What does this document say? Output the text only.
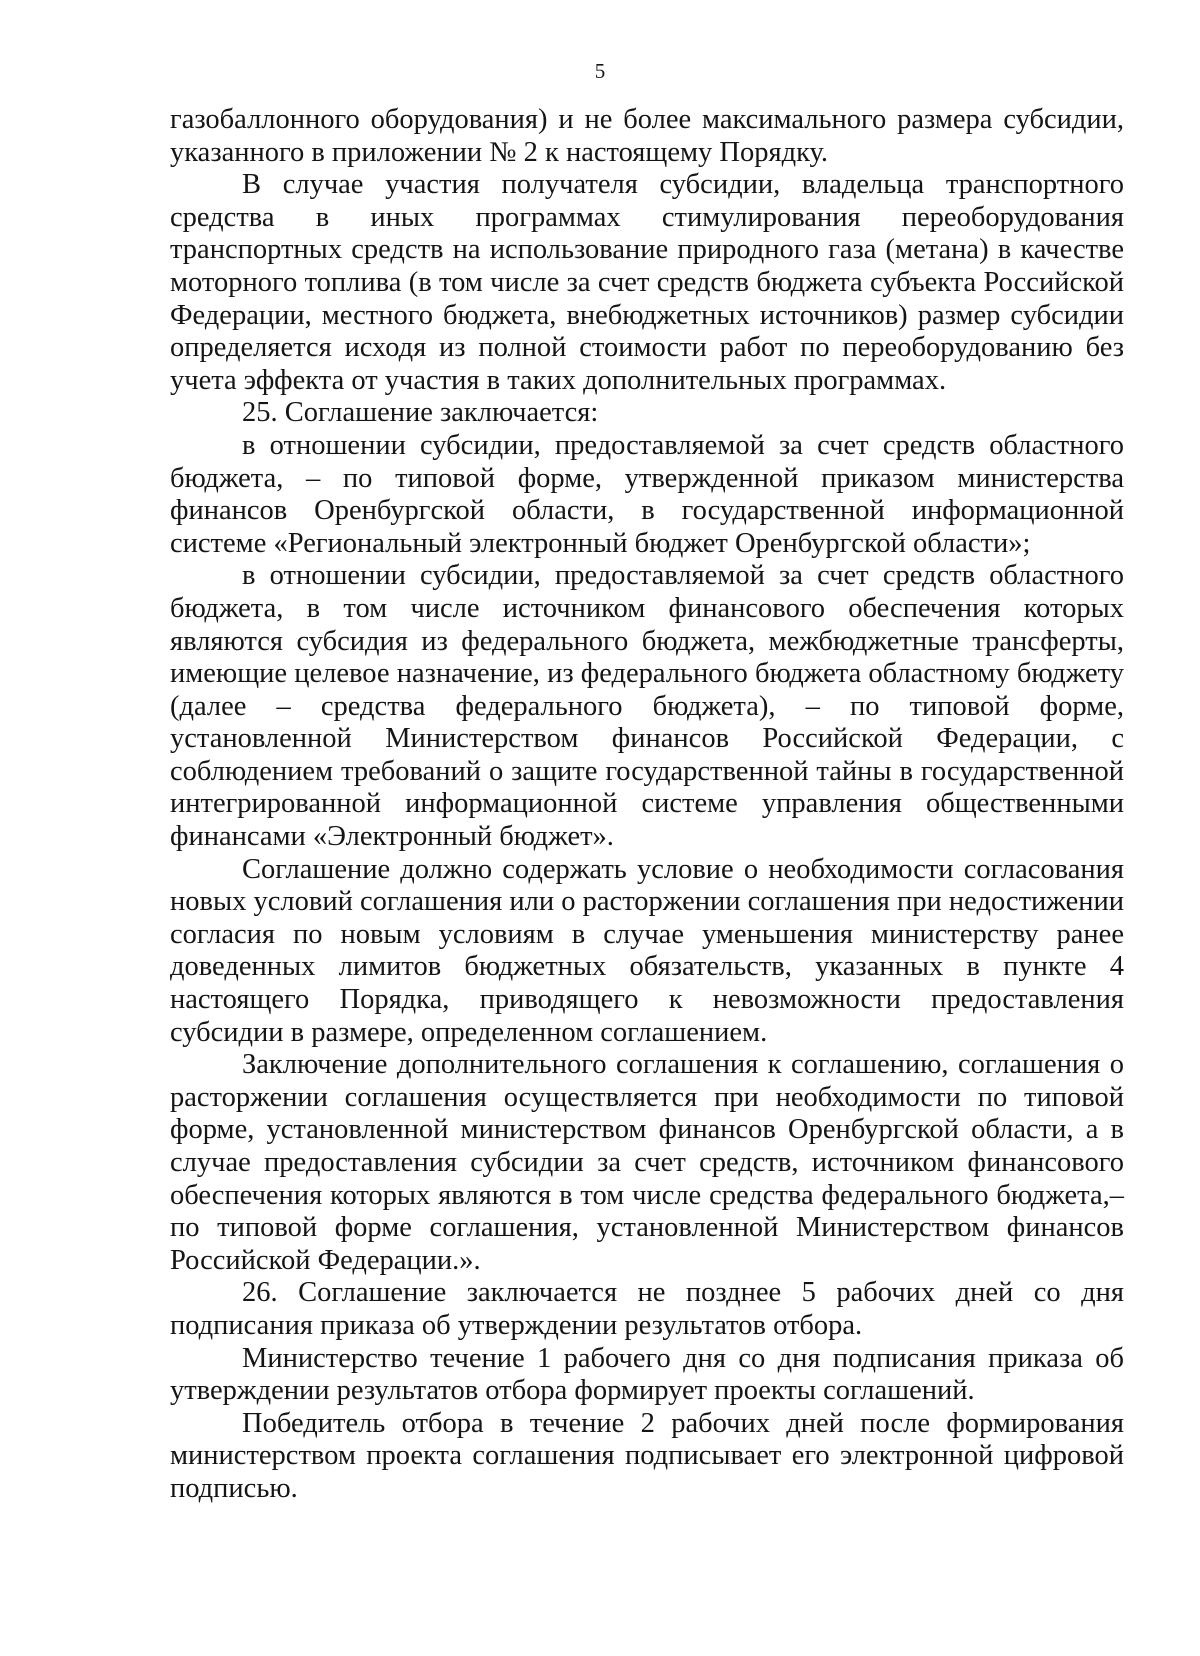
5

газобаллонного оборудования) и не более максимального размера субсидии, указанного в приложении № 2 к настоящему Порядку.

В случае участия получателя субсидии, владельца транспортного средства в иных программах стимулирования переоборудования транспортных средств на использование природного газа (метана) в качестве моторного топлива (в том числе за счет средств бюджета субъекта Российской Федерации, местного бюджета, внебюджетных источников) размер субсидии определяется исходя из полной стоимости работ по переоборудованию без учета эффекта от участия в таких дополнительных программах.

25. Соглашение заключается:

в отношении субсидии, предоставляемой за счет средств областного бюджета, – по типовой форме, утвержденной приказом министерства финансов Оренбургской области, в государственной информационной системе «Региональный электронный бюджет Оренбургской области»;

в отношении субсидии, предоставляемой за счет средств областного бюджета, в том числе источником финансового обеспечения которых являются субсидия из федерального бюджета, межбюджетные трансферты, имеющие целевое назначение, из федерального бюджета областному бюджету (далее – средства федерального бюджета), – по типовой форме, установленной Министерством финансов Российской Федерации, с соблюдением требований о защите государственной тайны в государственной интегрированной информационной системе управления общественными финансами «Электронный бюджет».

Соглашение должно содержать условие о необходимости согласования новых условий соглашения или о расторжении соглашения при недостижении согласия по новым условиям в случае уменьшения министерству ранее доведенных лимитов бюджетных обязательств, указанных в пункте 4 настоящего Порядка, приводящего к невозможности предоставления субсидии в размере, определенном соглашением.

Заключение дополнительного соглашения к соглашению, соглашения о расторжении соглашения осуществляется при необходимости по типовой форме, установленной министерством финансов Оренбургской области, а в случае предоставления субсидии за счет средств, источником финансового обеспечения которых являются в том числе средства федерального бюджета,– по типовой форме соглашения, установленной Министерством финансов Российской Федерации.».

26. Соглашение заключается не позднее 5 рабочих дней со дня подписания приказа об утверждении результатов отбора.

Министерство течение 1 рабочего дня со дня подписания приказа об утверждении результатов отбора формирует проекты соглашений.

Победитель отбора в течение 2 рабочих дней после формирования министерством проекта соглашения подписывает его электронной цифровой подписью.
